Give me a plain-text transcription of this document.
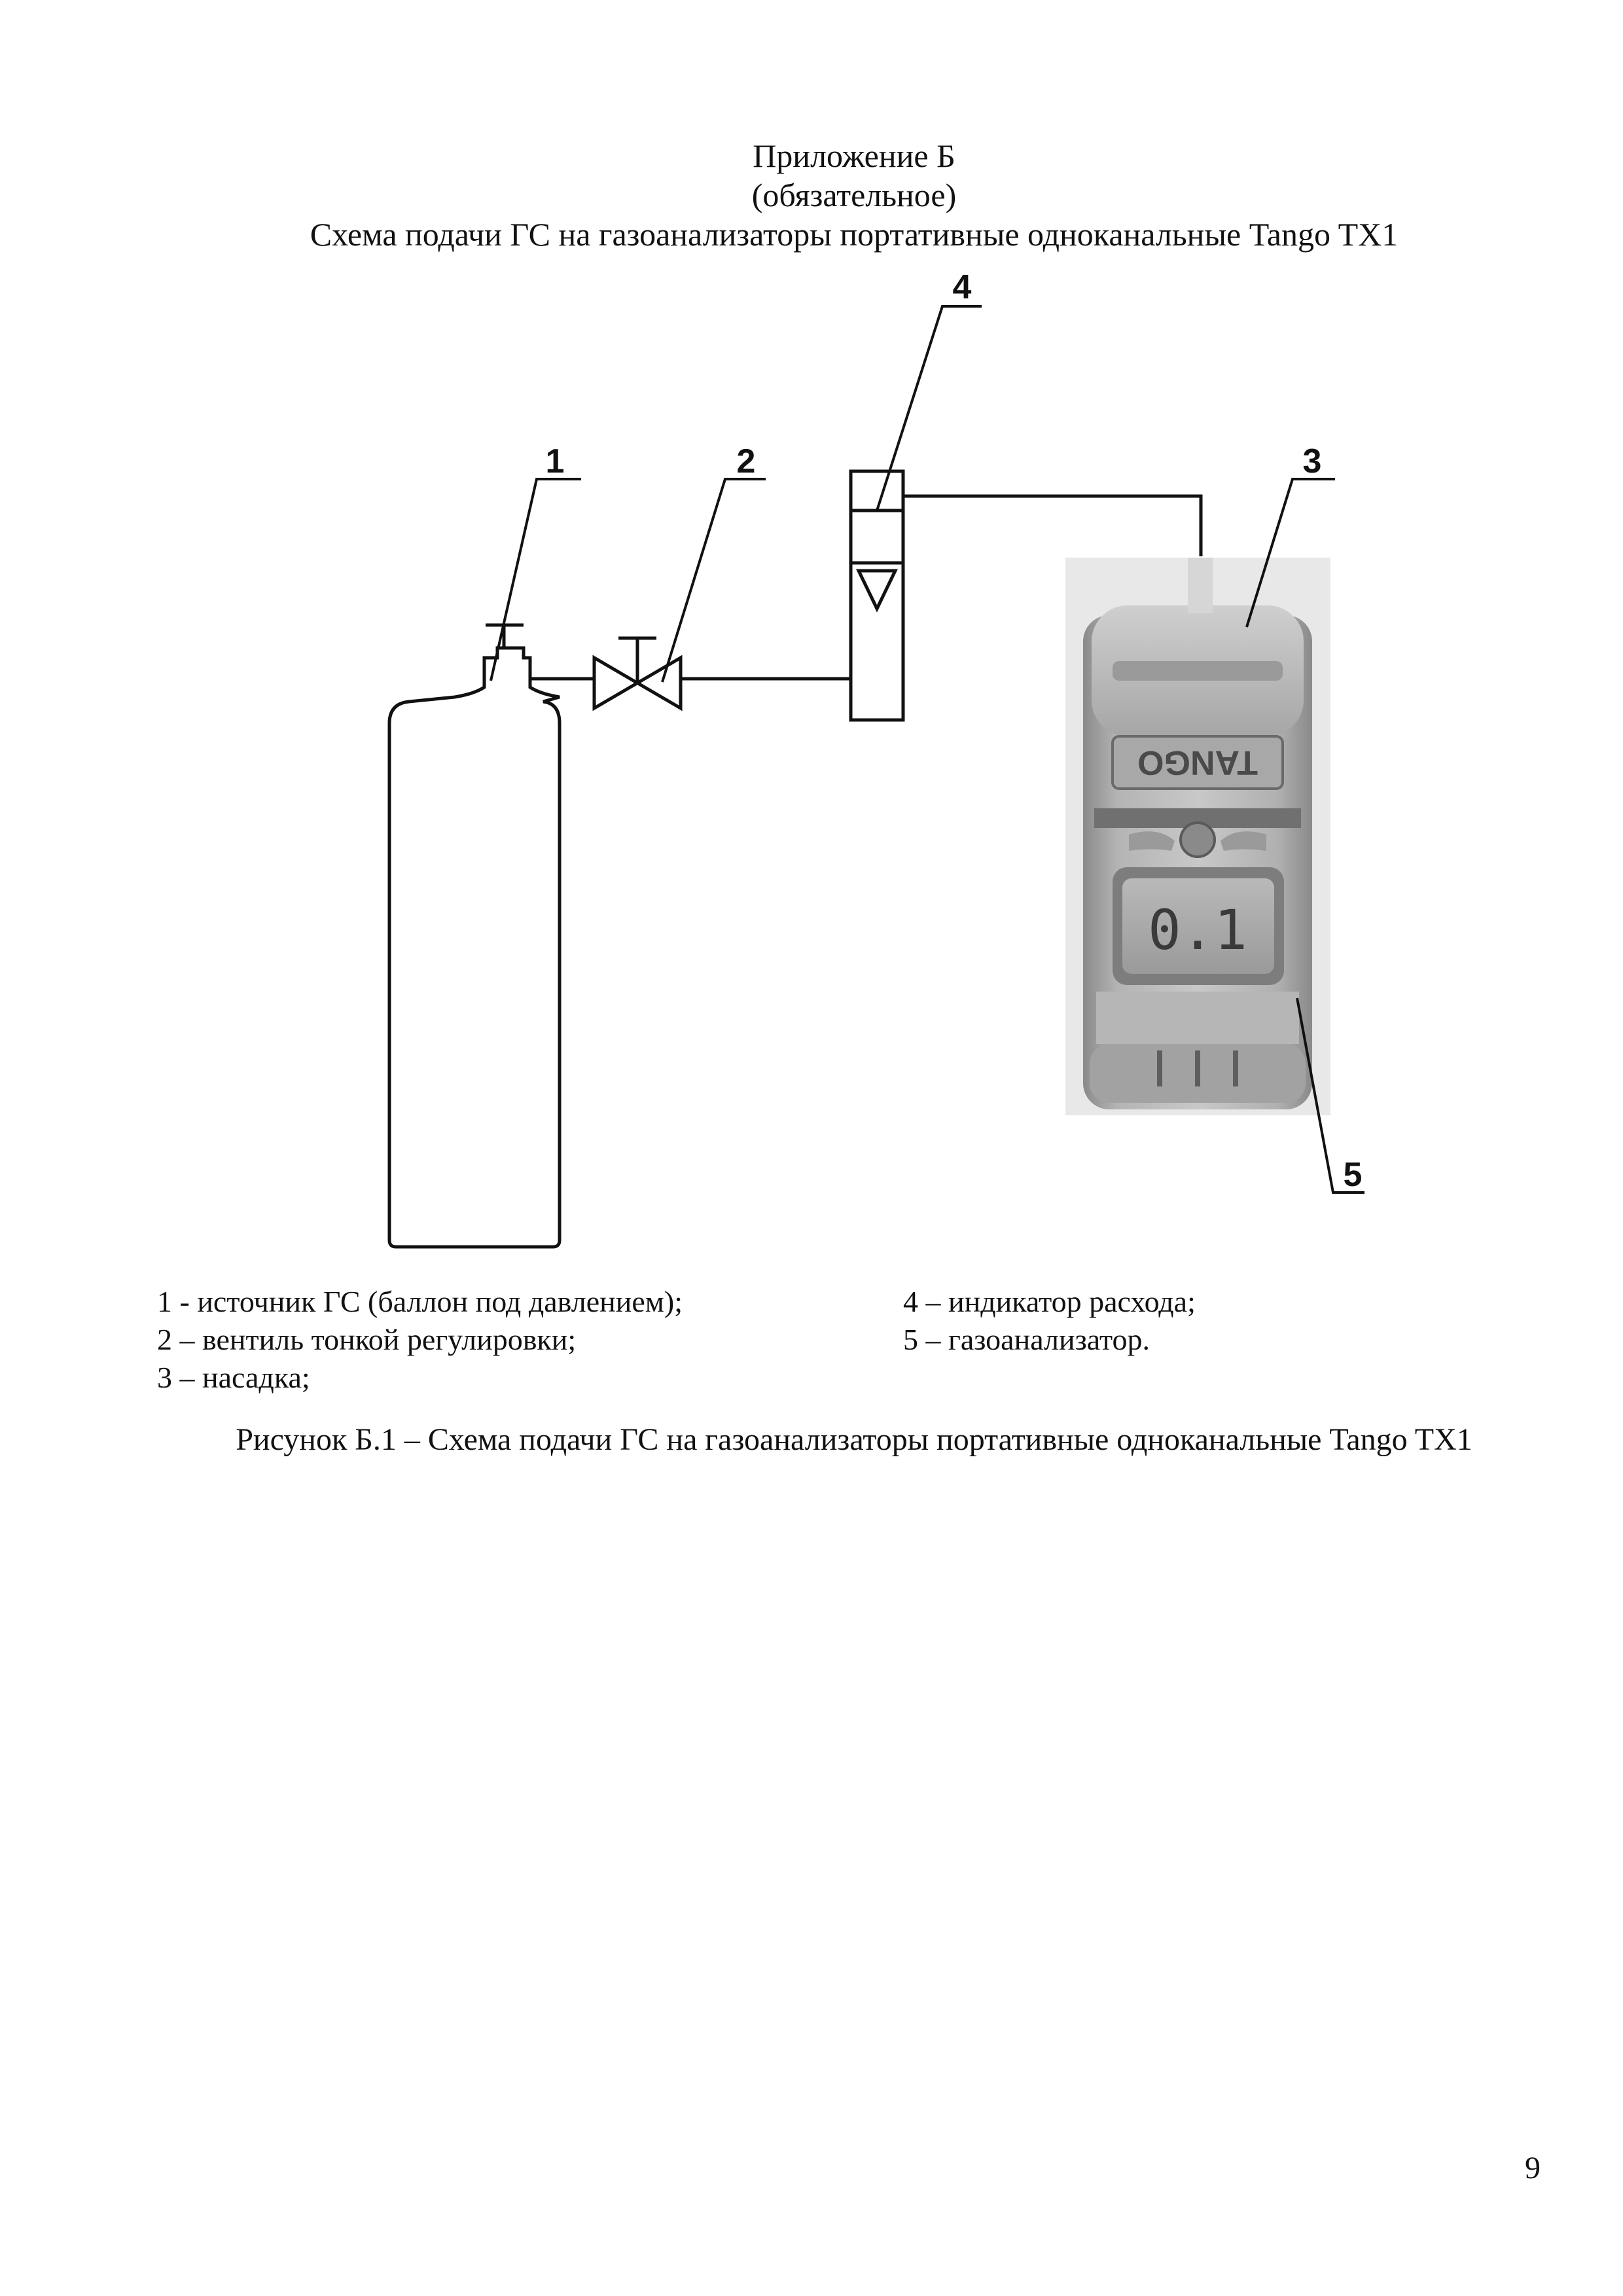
Приложение Б
(обязательное)
Схема подачи ГС на газоанализаторы портативные одноканальные Tango TX1
TANGO
0.1
1	2
4
3
5
1 - источник ГС (баллон под давлением);
2 – вентиль тонкой регулировки;
3 – насадка;
4 – индикатор расхода;
5 – газоанализатор.
Рисунок Б.1 – Схема подачи ГС на газоанализаторы портативные одноканальные Tango TX1
9
